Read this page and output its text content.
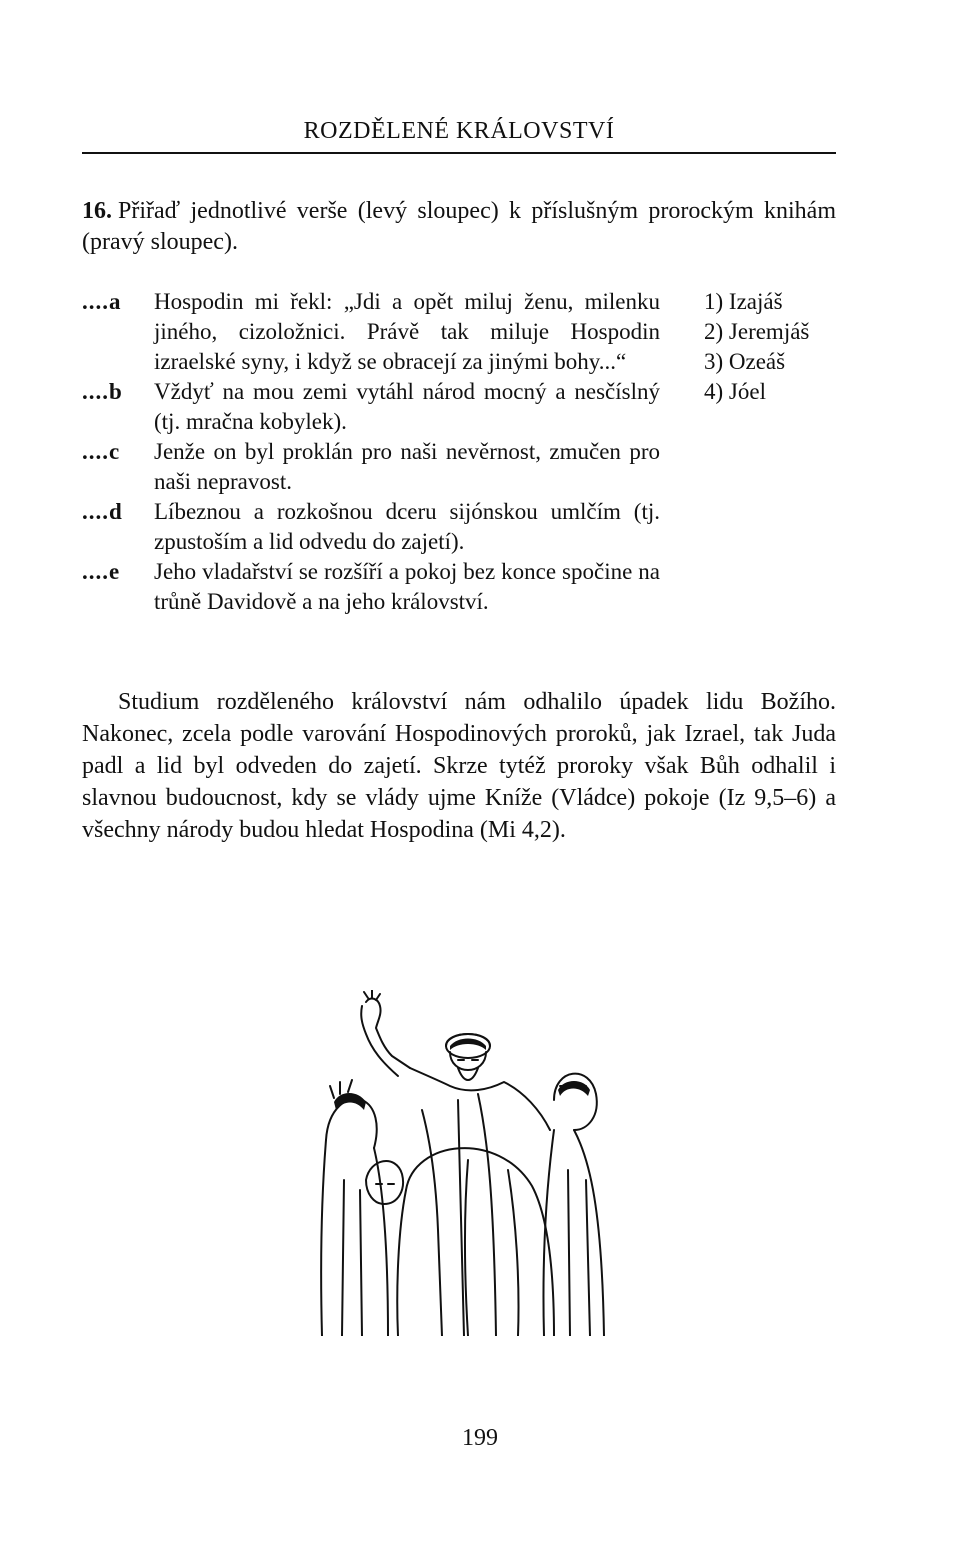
ROZDĚLENÉ KRÁLOVSTVÍ
16. Přiřaď jednotlivé verše (levý sloupec) k příslušným prorockým knihám (pravý sloupec).
....a	Hospodin mi řekl: „Jdi a opět miluj ženu, milenku jiného, cizoložnici. Právě tak miluje Hospodin izraelské syny, i když se obracejí za jinými bohy...“
....b	Vždyť na mou zemi vytáhl národ mocný a nesčíslný (tj. mračna kobylek).
....c	Jenže on byl proklán pro naši nevěrnost, zmučen pro naši nepravost.
....d	Líbeznou a rozkošnou dceru sijónskou umlčím (tj. zpustoším a lid odvedu do zajetí).
....e	Jeho vladařství se rozšíří a pokoj bez konce spočine na trůně Davidově a na jeho království.
1) Izajáš
2) Jeremjáš
3) Ozeáš
4) Jóel
Studium rozděleného království nám odhalilo úpadek lidu Božího. Nakonec, zcela podle varování Hospodinových proroků, jak Izrael, tak Juda padl a lid byl odveden do zajetí. Skrze tytéž proroky však Bůh odhalil i slavnou budoucnost, kdy se vlády ujme Kníže (Vládce) pokoje (Iz 9,5–6) a všechny národy budou hledat Hospodina (Mi 4,2).
199
